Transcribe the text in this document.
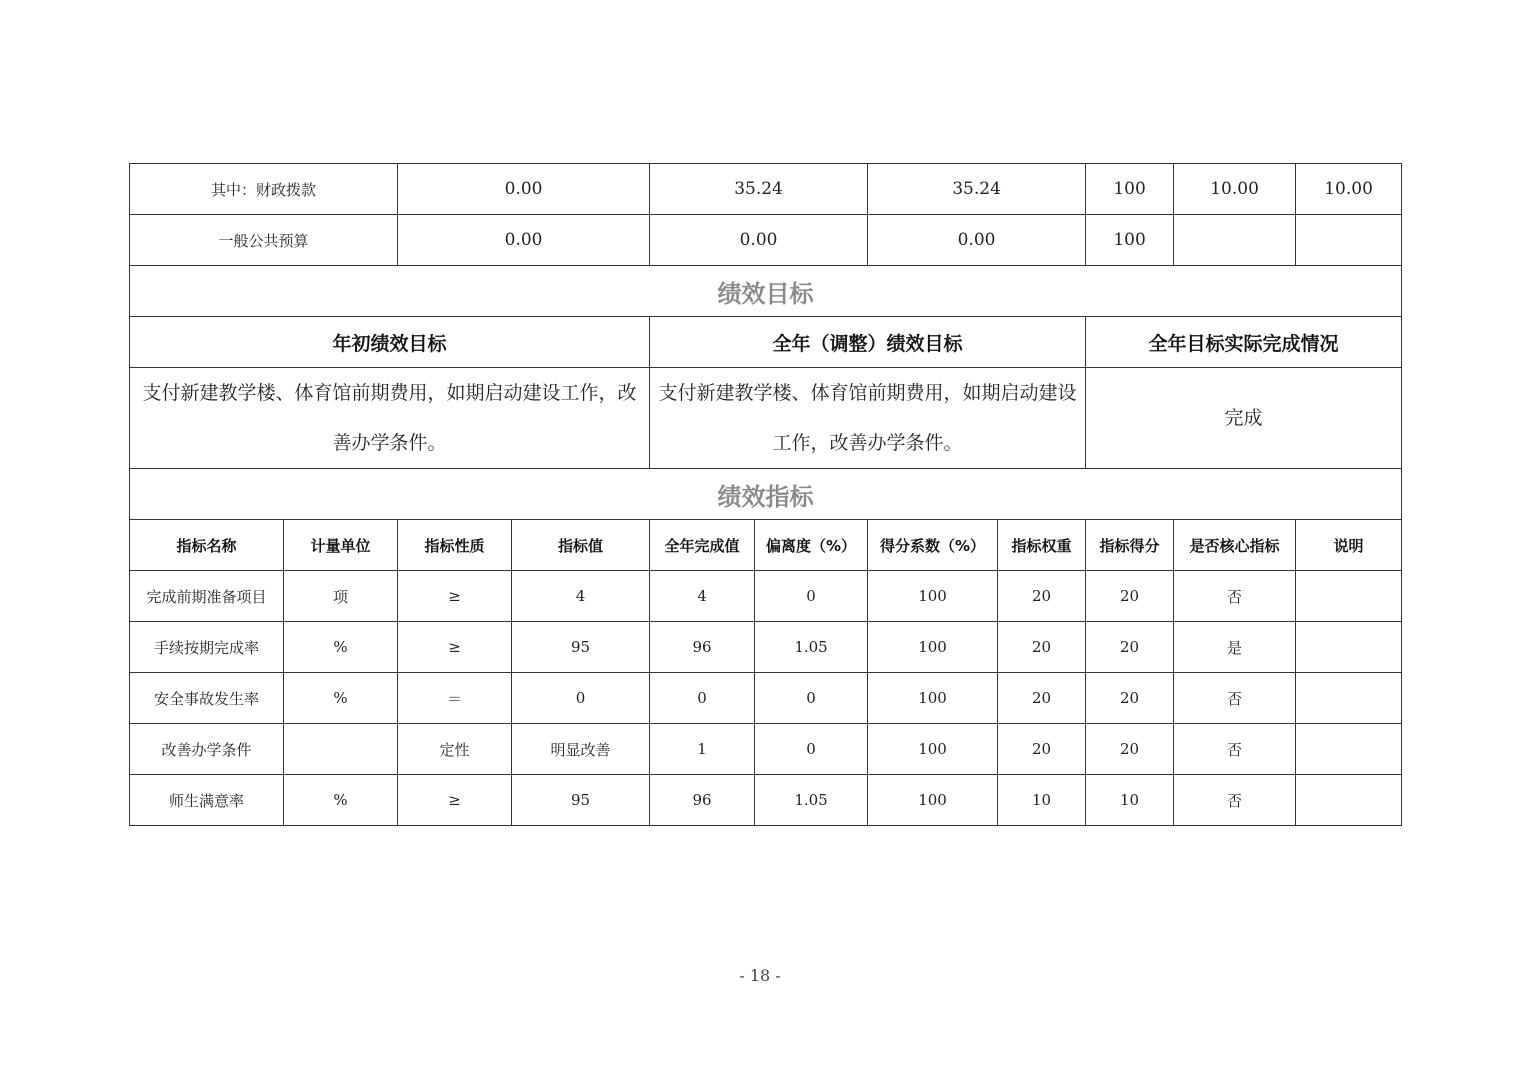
其中：财政拨款		0.00		35.24		35.24		100	10.00	10.00
一般公共预算		0.00		0.00		0.00		100		
绩效目标										
年初绩效目标				全年（调整）绩效目标				全年目标实际完成情况		
支付新建教学楼、体育馆前期费用，如期启动建设工作，改善办学条件。				支付新建教学楼、体育馆前期费用，如期启动建设工作，改善办学条件。				完成		
绩效指标										
指标名称	计量单位	指标性质	指标值	全年完成值	偏离度（%）	得分系数（%）	指标权重	指标得分	是否核心指标	说明
完成前期准备项目	项	≥	4	4	0	100	20	20	否	
手续按期完成率	%	≥	95	96	1.05	100	20	20	是	
安全事故发生率	%	＝	0	0	0	100	20	20	否	
改善办学条件		定性	明显改善	1	0	100	20	20	否	
师生满意率	%	≥	95	96	1.05	100	10	10	否	
- 18 -
